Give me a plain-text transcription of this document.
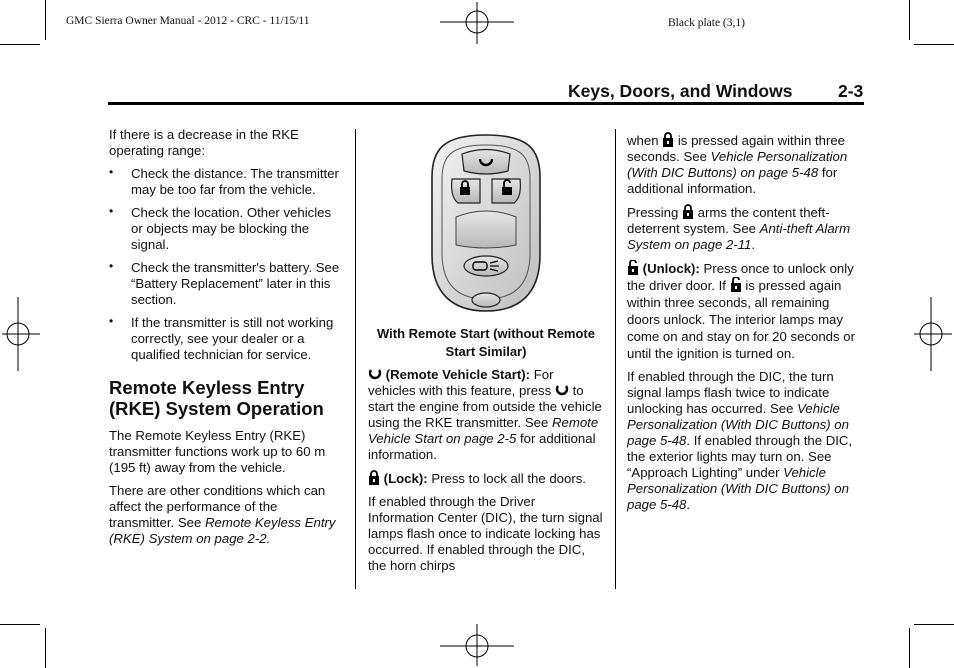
GMC Sierra Owner Manual - 2012 - CRC - 11/15/11	Black plate (3,1)
Keys, Doors, and Windows	2-3

If there is a decrease in the RKE operating range:

• Check the distance. The transmitter may be too far from the vehicle.
• Check the location. Other vehicles or objects may be blocking the signal.
• Check the transmitter's battery. See “Battery Replacement” later in this section.
• If the transmitter is still not working correctly, see your dealer or a qualified technician for service.
Remote Keyless Entry (RKE) System Operation

The Remote Keyless Entry (RKE) transmitter functions work up to 60 m (195 ft) away from the vehicle.

There are other conditions which can affect the performance of the transmitter. See Remote Keyless Entry (RKE) System on page 2-2.

With Remote Start (without Remote Start Similar)

(Remote Vehicle Start): For vehicles with this feature, press to start the engine from outside the vehicle using the RKE transmitter. See Remote Vehicle Start on page 2-5 for additional information.

(Lock): Press to lock all the doors.

If enabled through the Driver Information Center (DIC), the turn signal lamps flash once to indicate locking has occurred. If enabled through the DIC, the horn chirps

when is pressed again within three seconds. See Vehicle Personalization (With DIC Buttons) on page 5-48 for additional information.

Pressing arms the content theft-deterrent system. See Anti-theft Alarm System on page 2-11.

(Unlock): Press once to unlock only the driver door. If is pressed again within three seconds, all remaining doors unlock. The interior lamps may come on and stay on for 20 seconds or until the ignition is turned on.

If enabled through the DIC, the turn signal lamps flash twice to indicate unlocking has occurred. See Vehicle Personalization (With DIC Buttons) on page 5-48. If enabled through the DIC, the exterior lights may turn on. See “Approach Lighting” under Vehicle Personalization (With DIC Buttons) on page 5-48.
